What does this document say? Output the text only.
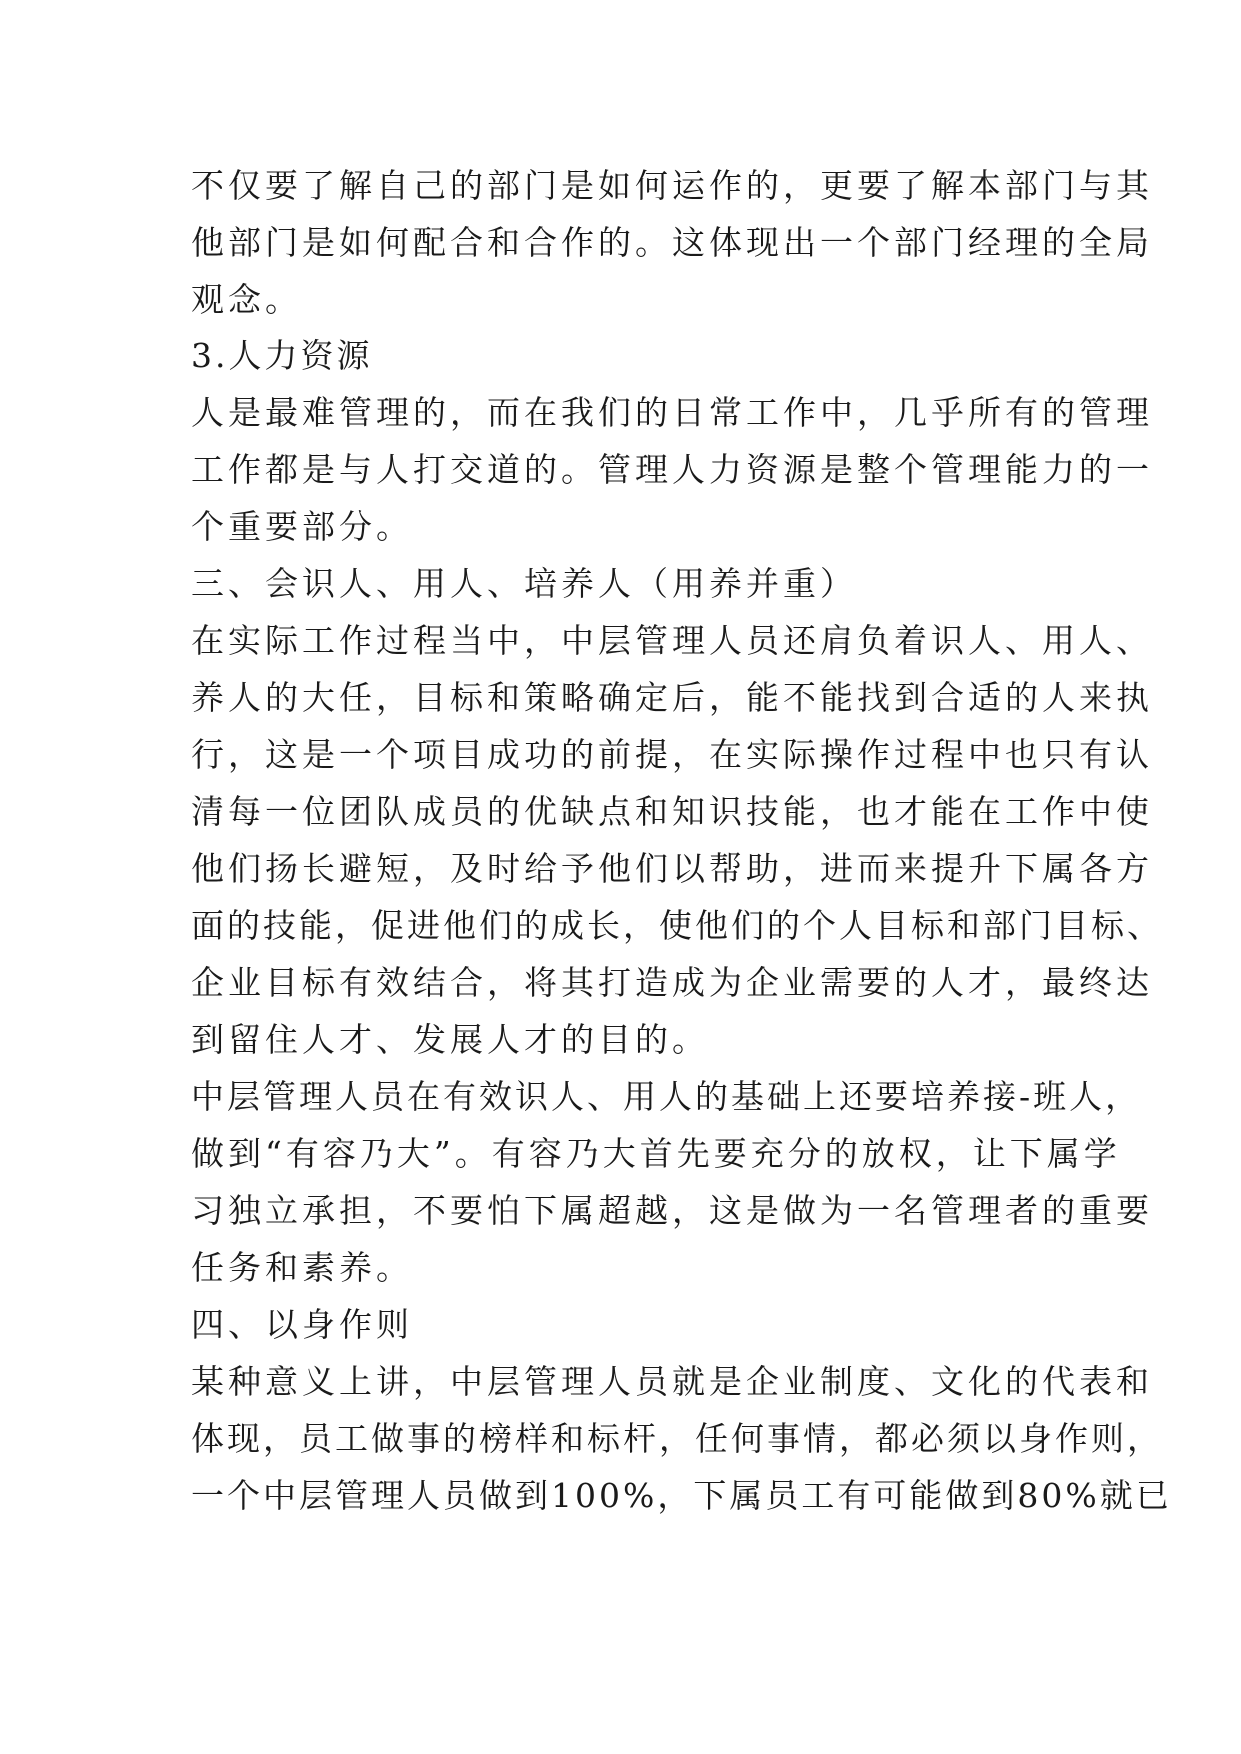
不仅要了解自己的部门是如何运作的，更要了解本部门与其
他部门是如何配合和合作的。这体现出一个部门经理的全局
观念。
3.人力资源
人是最难管理的，而在我们的日常工作中，几乎所有的管理
工作都是与人打交道的。管理人力资源是整个管理能力的一
个重要部分。
三、会识人、用人、培养人（用养并重）
在实际工作过程当中，中层管理人员还肩负着识人、用人、
养人的大任，目标和策略确定后，能不能找到合适的人来执
行，这是一个项目成功的前提，在实际操作过程中也只有认
清每一位团队成员的优缺点和知识技能，也才能在工作中使
他们扬长避短，及时给予他们以帮助，进而来提升下属各方
面的技能，促进他们的成长，使他们的个人目标和部门目标、
企业目标有效结合，将其打造成为企业需要的人才，最终达
到留住人才、发展人才的目的。
中层管理人员在有效识人、用人的基础上还要培养接-班人，
做到“有容乃大”。有容乃大首先要充分的放权，让下属学
习独立承担，不要怕下属超越，这是做为一名管理者的重要
任务和素养。
四、以身作则
某种意义上讲，中层管理人员就是企业制度、文化的代表和
体现，员工做事的榜样和标杆，任何事情，都必须以身作则，
一个中层管理人员做到100%，下属员工有可能做到80%就已
